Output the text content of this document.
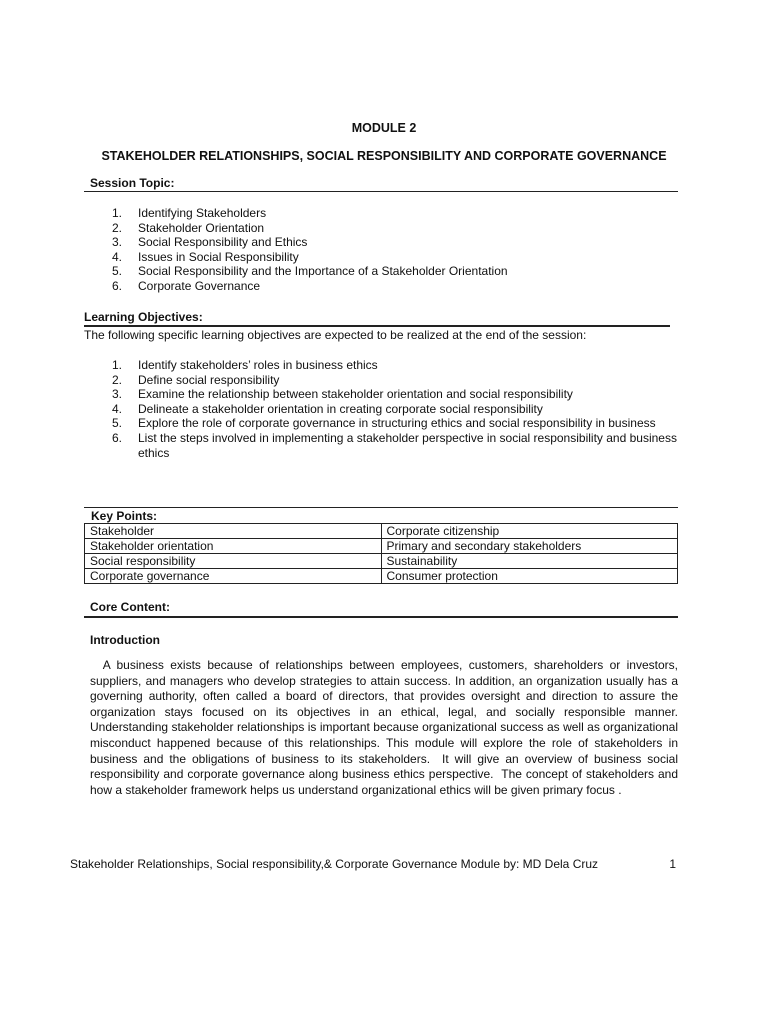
MODULE 2
STAKEHOLDER RELATIONSHIPS, SOCIAL RESPONSIBILITY AND CORPORATE GOVERNANCE
Session Topic:
1. Identifying Stakeholders
2. Stakeholder Orientation
3. Social Responsibility and Ethics
4. Issues in Social Responsibility
5. Social Responsibility and the Importance of a Stakeholder Orientation
6. Corporate Governance
Learning Objectives:
The following specific learning objectives are expected to be realized at the end of the session:
1. Identify stakeholders’ roles in business ethics
2. Define social responsibility
3. Examine the relationship between stakeholder orientation and social responsibility
4. Delineate a stakeholder orientation in creating corporate social responsibility
5. Explore the role of corporate governance in structuring ethics and social responsibility in business
6. List the steps involved in implementing a stakeholder perspective in social responsibility and business ethics
Key Points:
Stakeholder	Corporate citizenship
Stakeholder orientation	Primary and secondary stakeholders
Social responsibility	Sustainability
Corporate governance	Consumer protection
Core Content:
Introduction
A business exists because of relationships between employees, customers, shareholders or investors, suppliers, and managers who develop strategies to attain success. In addition, an organization usually has a governing authority, often called a board of directors, that provides oversight and direction to assure the organization stays focused on its objectives in an ethical, legal, and socially responsible manner. Understanding stakeholder relationships is important because organizational success as well as organizational misconduct happened because of this relationships. This module will explore the role of stakeholders in business and the obligations of business to its stakeholders.  It will give an overview of business social responsibility and corporate governance along business ethics perspective.  The concept of stakeholders and how a stakeholder framework helps us understand organizational ethics will be given primary focus .
Stakeholder Relationships, Social responsibility,& Corporate Governance Module by: MD Dela Cruz	1
